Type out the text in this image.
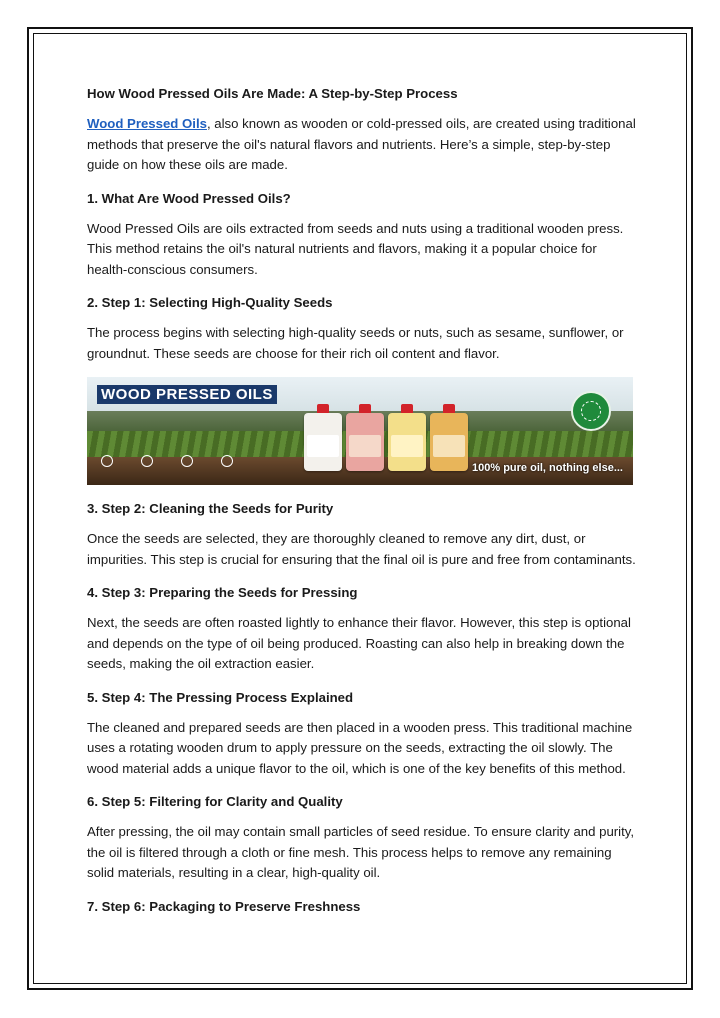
How Wood Pressed Oils Are Made: A Step-by-Step Process

Wood Pressed Oils, also known as wooden or cold-pressed oils, are created using traditional methods that preserve the oil's natural flavors and nutrients. Here’s a simple, step-by-step guide on how these oils are made.

1. What Are Wood Pressed Oils?

Wood Pressed Oils are oils extracted from seeds and nuts using a traditional wooden press. This method retains the oil's natural nutrients and flavors, making it a popular choice for health-conscious consumers.

2. Step 1: Selecting High-Quality Seeds

The process begins with selecting high-quality seeds or nuts, such as sesame, sunflower, or groundnut. These seeds are choose for their rich oil content and flavor.

WOOD PRESSED OILS
100% pure oil, nothing else...
3. Step 2: Cleaning the Seeds for Purity

Once the seeds are selected, they are thoroughly cleaned to remove any dirt, dust, or impurities. This step is crucial for ensuring that the final oil is pure and free from contaminants.

4. Step 3: Preparing the Seeds for Pressing

Next, the seeds are often roasted lightly to enhance their flavor. However, this step is optional and depends on the type of oil being produced. Roasting can also help in breaking down the seeds, making the oil extraction easier.

5. Step 4: The Pressing Process Explained

The cleaned and prepared seeds are then placed in a wooden press. This traditional machine uses a rotating wooden drum to apply pressure on the seeds, extracting the oil slowly. The wood material adds a unique flavor to the oil, which is one of the key benefits of this method.

6. Step 5: Filtering for Clarity and Quality

After pressing, the oil may contain small particles of seed residue. To ensure clarity and purity, the oil is filtered through a cloth or fine mesh. This process helps to remove any remaining solid materials, resulting in a clear, high-quality oil.

7. Step 6: Packaging to Preserve Freshness
